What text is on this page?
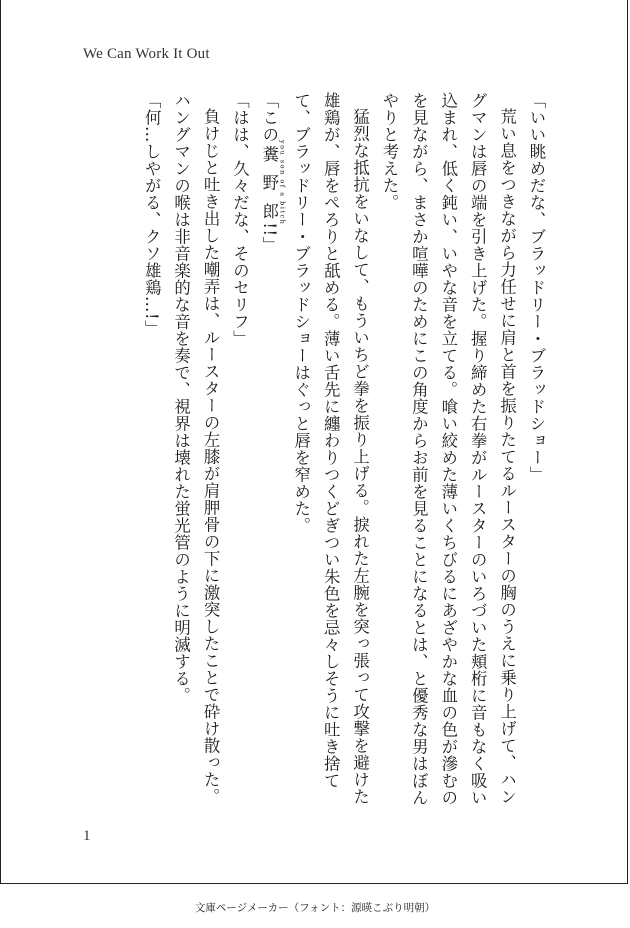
We Can Work It Out

「いい眺めだな、ブラッドリー・ブラッドショー」

荒い息をつきながら力任せに肩と首を振りたてるルースターの胸のうえに乗り上げて、ハングマンは唇の端を引き上げた。握り締めた右拳がルースターのいろづいた頬桁に音もなく吸い込まれ、低く鈍い、いやな音を立てる。喰い絞めた薄いくちびるにあざやかな血の色が滲むのを見ながら、まさか喧嘩のためにこの角度からお前を見ることになるとは、と優秀な男はぼんやりと考えた。

猛烈な抵抗をいなして、もういちど拳を振り上げる。捩れた左腕を突っ張って攻撃を避けた雄鶏が、唇をぺろりと舐める。薄い舌先に纏わりつくどぎつい朱色を忌々しそうに吐き捨てて、ブラッドリー・ブラッドショーはぐっと唇を窄めた。

「この糞野郎 you son of a bitch!!」

「はは、久々だな、そのセリフ」

負けじと吐き出した嘲弄は、ルースターの左膝が肩胛骨の下に激突したことで砕け散った。ハングマンの喉は非音楽的な音を奏で、視界は壊れた蛍光管のように明滅する。

「何…しやがる、クソ雄鶏…!」

1
文庫ページメーカー（フォント：源暎こぶり明朝）
